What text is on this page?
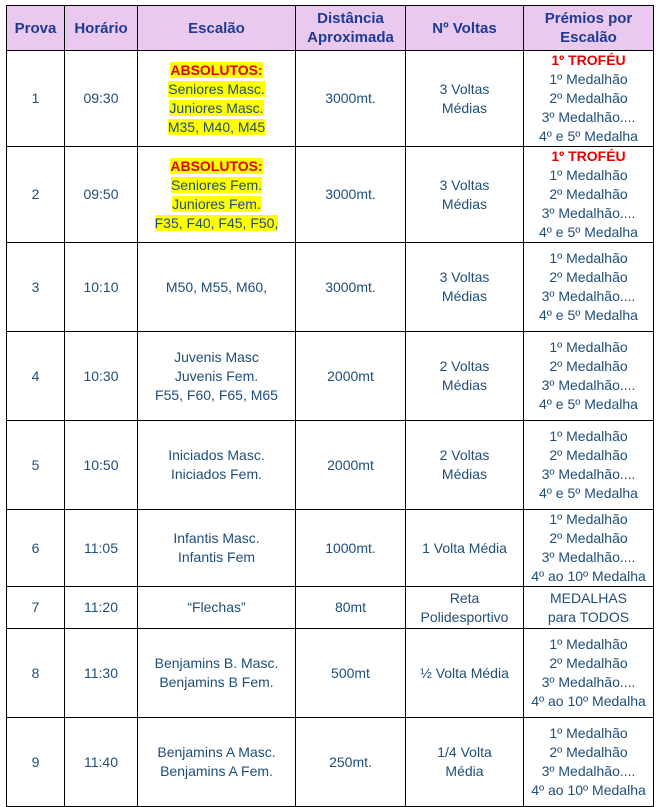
Prova	Horário	Escalão	Distância
Aproximada	Nº Voltas	Prémios por
Escalão

1	09:30	ABSOLUTOS:
Seniores Masc.
Juniores Masc.
M35, M40, M45	3000mt.	3 Voltas
Médias	1º TROFÉU
1º Medalhão
2º Medalhão
3º Medalhão....
4º e 5º Medalha

2	09:50	ABSOLUTOS:
Seniores Fem.
Juniores Fem.
F35, F40, F45, F50,	3000mt.	3 Voltas
Médias	1º TROFÉU
1º Medalhão
2º Medalhão
3º Medalhão....
4º e 5º Medalha

3	10:10	M50, M55, M60,	3000mt.	3 Voltas
Médias	1º Medalhão
2º Medalhão
3º Medalhão....
4º e 5º Medalha

4	10:30	Juvenis Masc
Juvenis Fem.
F55, F60, F65, M65	2000mt	2 Voltas
Médias	1º Medalhão
2º Medalhão
3º Medalhão....
4º e 5º Medalha

5	10:50	Iniciados Masc.
Iniciados Fem.	2000mt	2 Voltas
Médias	1º Medalhão
2º Medalhão
3º Medalhão....
4º e 5º Medalha

6	11:05	Infantis Masc.
Infantis Fem	1000mt.	1 Volta Média	1º Medalhão
2º Medalhão
3º Medalhão....
4º ao 10º Medalha

7	11:20	“Flechas”	80mt	Reta
Polidesportivo	MEDALHAS
para TODOS

8	11:30	Benjamins B. Masc.
Benjamins B Fem.	500mt	½ Volta Média	1º Medalhão
2º Medalhão
3º Medalhão....
4º ao 10º Medalha

9	11:40	Benjamins A Masc.
Benjamins A Fem.	250mt.	1/4 Volta
Média	1º Medalhão
2º Medalhão
3º Medalhão....
4º ao 10º Medalha
